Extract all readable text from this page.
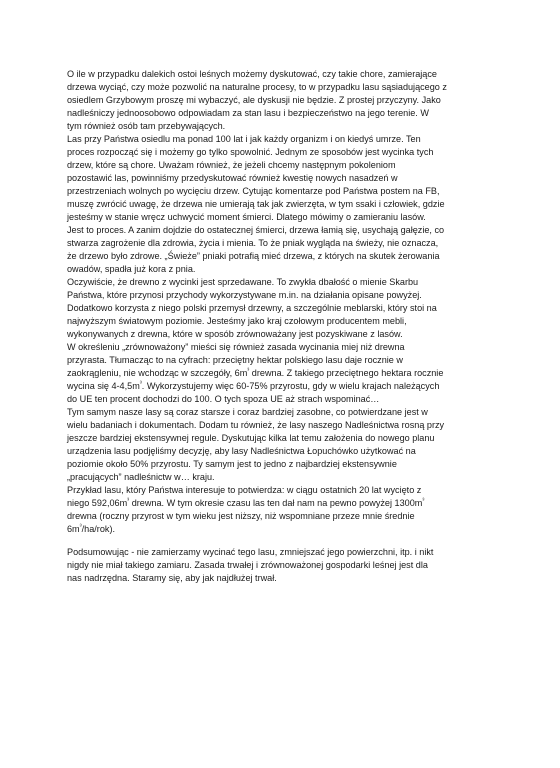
O ile w przypadku dalekich ostoi leśnych możemy dyskutować, czy takie chore, zamierające
drzewa wyciąć, czy może pozwolić na naturalne procesy, to w przypadku lasu sąsiadującego z
osiedlem Grzybowym proszę mi wybaczyć, ale dyskusji nie będzie. Z prostej przyczyny. Jako
nadleśniczy jednoosobowo odpowiadam za stan lasu i bezpieczeństwo na jego terenie. W
tym również osób tam przebywających.
Las przy Państwa osiedlu ma ponad 100 lat i jak każdy organizm i on kiedyś umrze. Ten
proces rozpocząć się i możemy go tylko spowolnić. Jednym ze sposobów jest wycinka tych
drzew, które są chore. Uważam również, że jeżeli chcemy następnym pokoleniom
pozostawić las, powinniśmy przedyskutować również kwestię nowych nasadzeń w
przestrzeniach wolnych po wycięciu drzew. Cytując komentarze pod Państwa postem na FB,
muszę zwrócić uwagę, że drzewa nie umierają tak jak zwierzęta, w tym ssaki i człowiek, gdzie
jesteśmy w stanie wręcz uchwycić moment śmierci. Dlatego mówimy o zamieraniu lasów.
Jest to proces. A zanim dojdzie do ostatecznej śmierci, drzewa łamią się, usychają gałęzie, co
stwarza zagrożenie dla zdrowia, życia i mienia. To że pniak wygląda na świeży, nie oznacza,
że drzewo było zdrowe. „Świeże” pniaki potrafią mieć drzewa, z których na skutek żerowania
owadów, spadła już kora z pnia.
Oczywiście, że drewno z wycinki jest sprzedawane. To zwykła dbałość o mienie Skarbu
Państwa, które przynosi przychody wykorzystywane m.in. na działania opisane powyżej.
Dodatkowo korzysta z niego polski przemysł drzewny, a szczególnie meblarski, który stoi na
najwyższym światowym poziomie. Jesteśmy jako kraj czołowym producentem mebli,
wykonywanych z drewna, które w sposób zrównoważany jest pozyskiwane z lasów.
W określeniu „zrównoważony” mieści się również zasada wycinania miej niż drewna
przyrasta. Tłumacząc to na cyfrach: przeciętny hektar polskiego lasu daje rocznie w
zaokrągleniu, nie wchodząc w szczegóły, $6m^{^3}$ drewna. Z takiego przeciętnego hektara rocznie
wycina się $4-4,5m^{^3}$. Wykorzystujemy więc 60-75% przyrostu, gdy w wielu krajach należących
do UE ten procent dochodzi do 100. O tych spoza UE aż strach wspominać…
Tym samym nasze lasy są coraz starsze i coraz bardziej zasobne, co potwierdzane jest w
wielu badaniach i dokumentach. Dodam tu również, że lasy naszego Nadleśnictwa rosną przy
jeszcze bardziej ekstensywnej regule. Dyskutując kilka lat temu założenia do nowego planu
urządzenia lasu podjęliśmy decyzję, aby lasy Nadleśnictwa Łopuchówko użytkować na
poziomie około 50% przyrostu. Ty samym jest to jedno z najbardziej ekstensywnie
„pracujących” nadleśnictw w… kraju.
Przykład lasu, który Państwa interesuje to potwierdza: w ciągu ostatnich 20 lat wycięto z
niego $592,06m^{^3}$ drewna. W tym okresie czasu las ten dał nam na pewno powyżej $1300m^{^3}$
drewna (roczny przyrost w tym wieku jest niższy, niż wspomniane przeze mnie średnie
$6m^{^3}/ha/rok$).
Podsumowując - nie zamierzamy wycinać tego lasu, zmniejszać jego powierzchni, itp. i nikt
nigdy nie miał takiego zamiaru. Zasada trwałej i zrównoważonej gospodarki leśnej jest dla
nas nadrzędna. Staramy się, aby jak najdłużej trwał.
